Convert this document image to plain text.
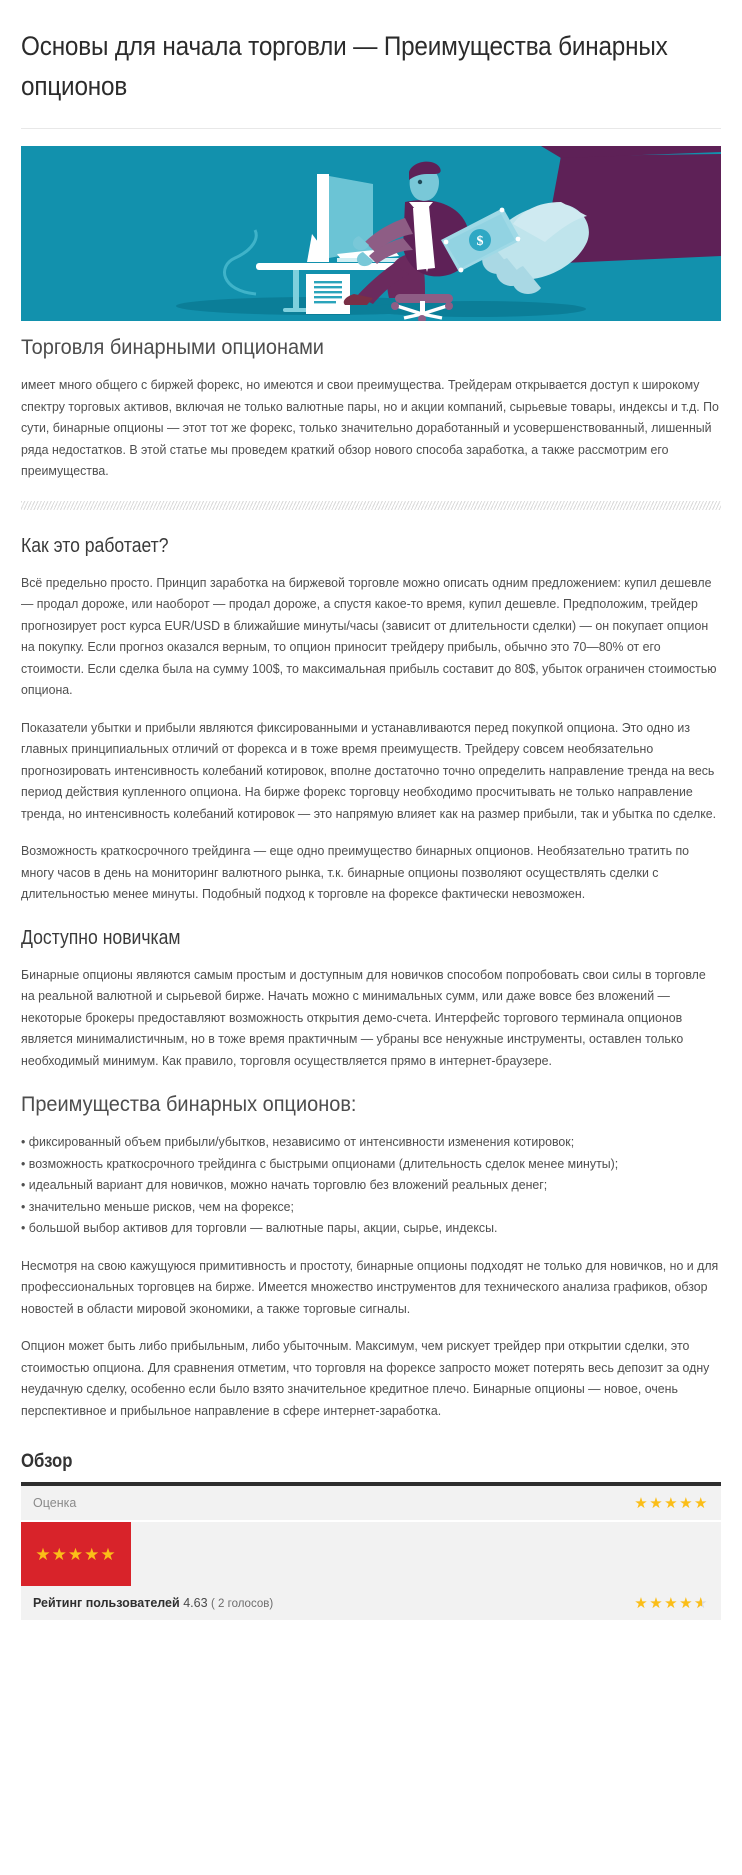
Основы для начала торговли — Преимущества бинарных опционов
$
Торговля бинарными опционами

имеет много общего с биржей форекс, но имеются и свои преимущества. Трейдерам открывается доступ к широкому спектру торговых активов, включая не только валютные пары, но и акции компаний, сырьевые товары, индексы и т.д. По сути, бинарные опционы — этот тот же форекс, только значительно доработанный и усовершенствованный, лишенный ряда недостатков. В этой статье мы проведем краткий обзор нового способа заработка, а также рассмотрим его преимущества.

Как это работает?

Всё предельно просто. Принцип заработка на биржевой торговле можно описать одним предложением: купил дешевле — продал дороже, или наоборот — продал дороже, а спустя какое-то время, купил дешевле. Предположим, трейдер прогнозирует рост курса EUR/USD в ближайшие минуты/часы (зависит от длительности сделки) — он покупает опцион на покупку. Если прогноз оказался верным, то опцион приносит трейдеру прибыль, обычно это 70—80% от его стоимости. Если сделка была на сумму 100$, то максимальная прибыль составит до 80$, убыток ограничен стоимостью опциона.

Показатели убытки и прибыли являются фиксированными и устанавливаются перед покупкой опциона. Это одно из главных принципиальных отличий от форекса и в тоже время преимуществ. Трейдеру совсем необязательно прогнозировать интенсивность колебаний котировок, вполне достаточно точно определить направление тренда на весь период действия купленного опциона. На бирже форекс торговцу необходимо просчитывать не только направление тренда, но интенсивность колебаний котировок — это напрямую влияет как на размер прибыли, так и убытка по сделке.

Возможность краткосрочного трейдинга — еще одно преимущество бинарных опционов. Необязательно тратить по многу часов в день на мониторинг валютного рынка, т.к. бинарные опционы позволяют осуществлять сделки с длительностью менее минуты. Подобный подход к торговле на форексе фактически невозможен.

Доступно новичкам

Бинарные опционы являются самым простым и доступным для новичков способом попробовать свои силы в торговле на реальной валютной и сырьевой бирже. Начать можно с минимальных сумм, или даже вовсе без вложений — некоторые брокеры предоставляют возможность открытия демо-счета. Интерфейс торгового терминала опционов является минималистичным, но в тоже время практичным — убраны все ненужные инструменты, оставлен только необходимый минимум. Как правило, торговля осуществляется прямо в интернет-браузере.

Преимущества бинарных опционов:
• фиксированный объем прибыли/убытков, независимо от интенсивности изменения котировок;
• возможность краткосрочного трейдинга с быстрыми опционами (длительность сделок менее минуты);
• идеальный вариант для новичков, можно начать торговлю без вложений реальных денег;
• значительно меньше рисков, чем на форексе;
• большой выбор активов для торговли — валютные пары, акции, сырье, индексы.

Несмотря на свою кажущуюся примитивность и простоту, бинарные опционы подходят не только для новичков, но и для профессиональных торговцев на бирже. Имеется множество инструментов для технического анализа графиков, обзор новостей в области мировой экономики, а также торговые сигналы.

Опцион может быть либо прибыльным, либо убыточным. Максимум, чем рискует трейдер при открытии сделки, это стоимостью опциона. Для сравнения отметим, что торговля на форексе запросто может потерять весь депозит за одну неудачную сделку, особенно если было взято значительное кредитное плечо. Бинарные опционы — новое, очень перспективное и прибыльное направление в сфере интернет-заработка.

Обзор
Оценка	★★★★★
★★★★★
Рейтинг пользователей 4.63 ( 2 голосов)	★★★★★ ★
